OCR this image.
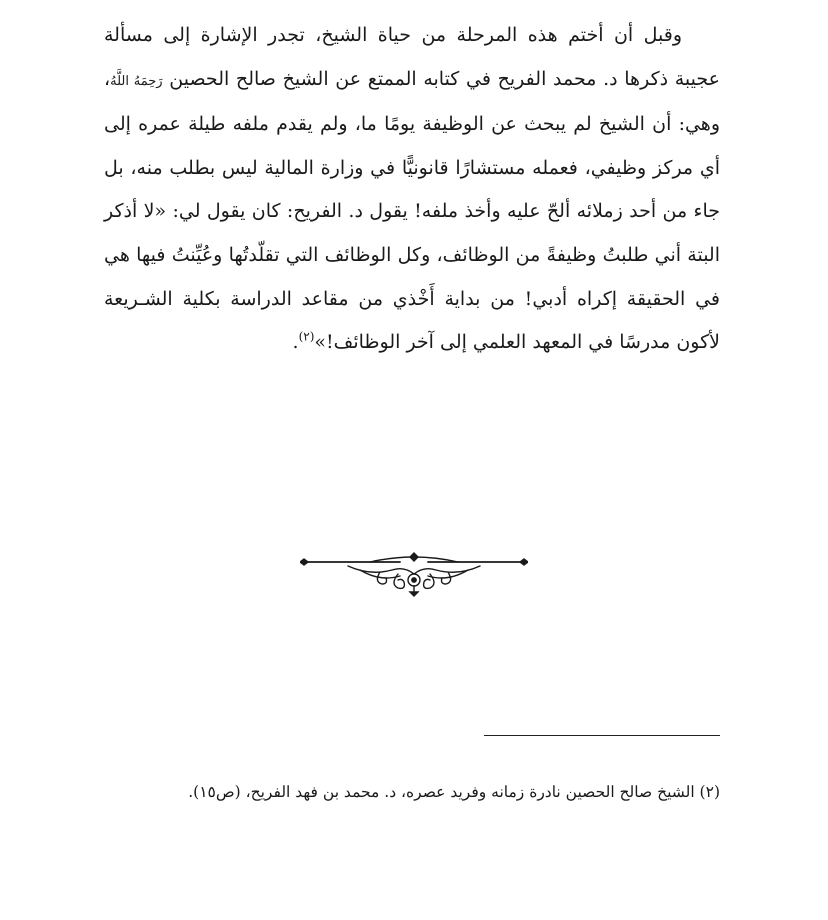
وقبل أن أختم هذه المرحلة من حياة الشيخ، تجدر الإشارة إلى مسألة عجيبة ذكرها د. محمد الفريح في كتابه الممتع عن الشيخ صالح الحصين رَحِمَهُ اللَّهُ، وهي: أن الشيخ لم يبحث عن الوظيفة يومًا ما، ولم يقدم ملفه طيلة عمره إلى أي مركز وظيفي، فعمله مستشارًا قانونيًّا في وزارة المالية ليس بطلب منه، بل جاء من أحد زملائه ألحّ عليه وأخذ ملفه! يقول د. الفريح: كان يقول لي: «لا أذكر البتة أني طلبتُ وظيفةً من الوظائف، وكل الوظائف التي تقلّدتُها وعُيِّنتُ فيها هي في الحقيقة إكراه أدبي! من بداية أَخْذي من مقاعد الدراسة بكلية الشـريعة لأكون مدرسًا في المعهد العلمي إلى آخر الوظائف!»$^{(٢)}$.

(٢) الشيخ صالح الحصين نادرة زمانه وفريد عصره، د. محمد بن فهد الفريح، (ص١٥).
